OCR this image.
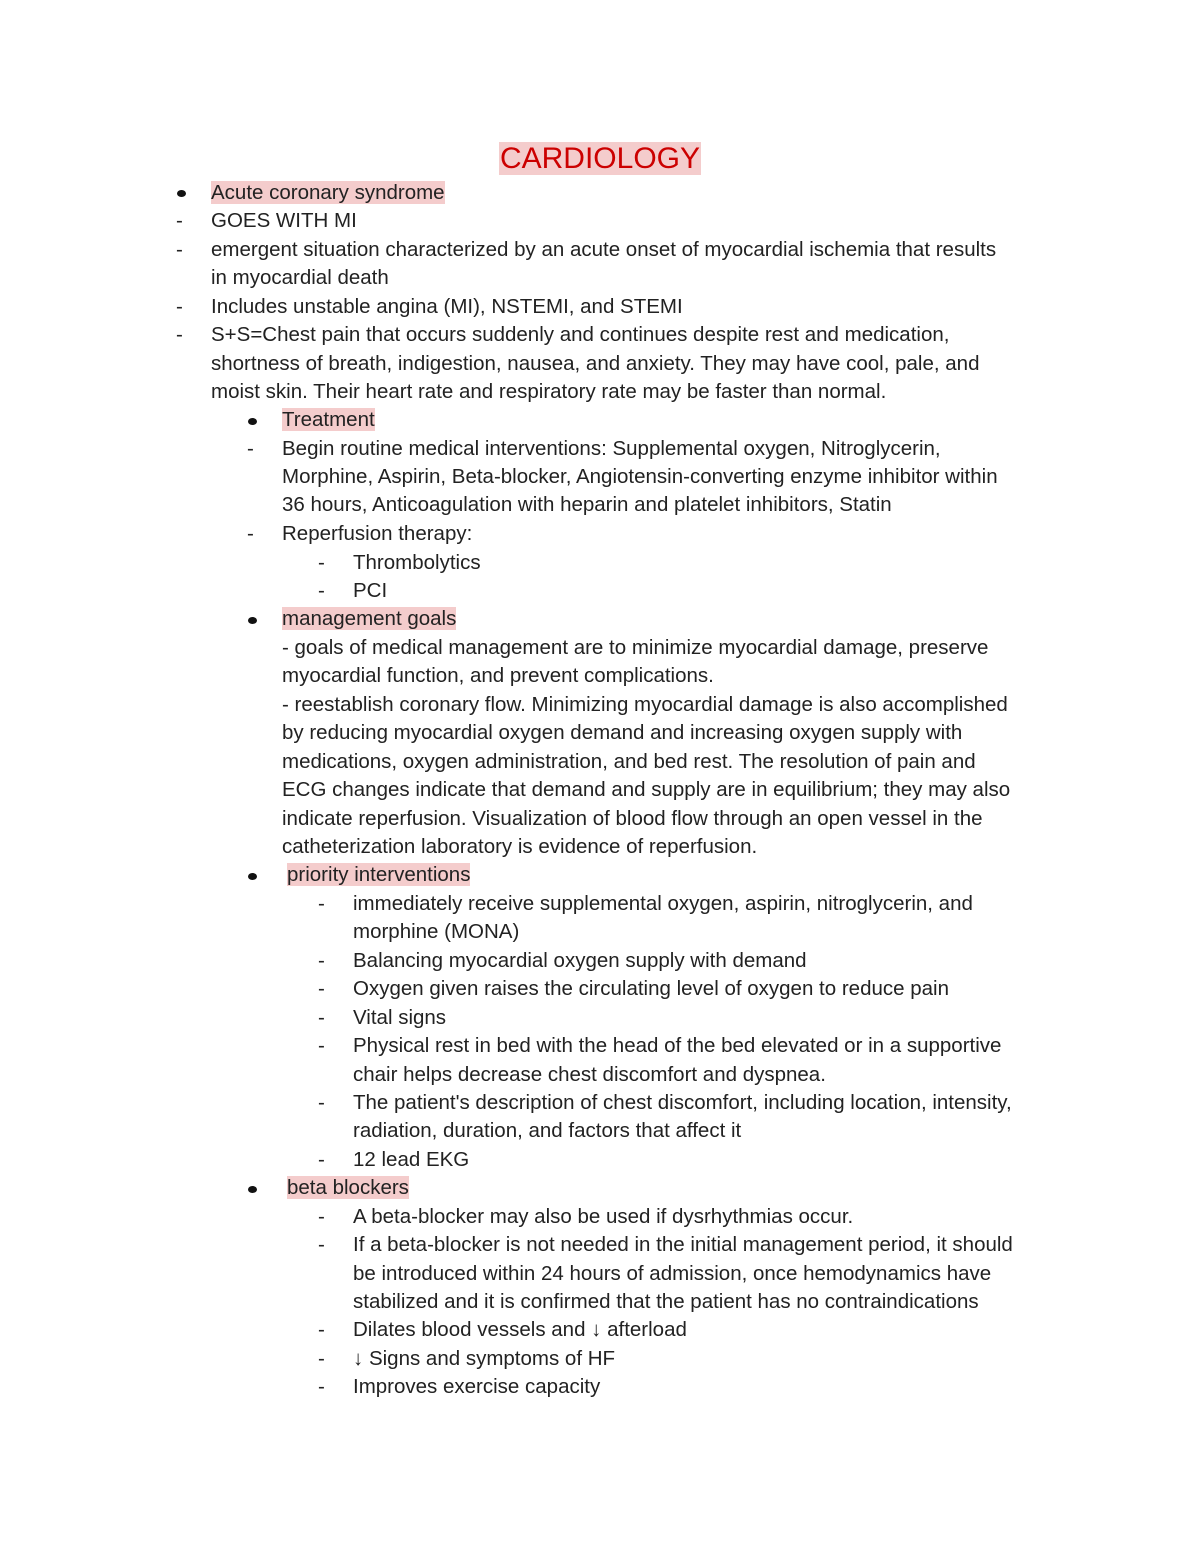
CARDIOLOGY
Acute coronary syndrome
- GOES WITH MI
- emergent situation characterized by an acute onset of myocardial ischemia that results
in myocardial death
- Includes unstable angina (MI), NSTEMI, and STEMI
- S+S=Chest pain that occurs suddenly and continues despite rest and medication,
shortness of breath, indigestion, nausea, and anxiety. They may have cool, pale, and
moist skin. Their heart rate and respiratory rate may be faster than normal.
Treatment
- Begin routine medical interventions: Supplemental oxygen, Nitroglycerin,
Morphine, Aspirin, Beta-blocker, Angiotensin-converting enzyme inhibitor within
36 hours, Anticoagulation with heparin and platelet inhibitors, Statin
- Reperfusion therapy:
- Thrombolytics
- PCI
management goals
- goals of medical management are to minimize myocardial damage, preserve
myocardial function, and prevent complications.
- reestablish coronary flow. Minimizing myocardial damage is also accomplished
by reducing myocardial oxygen demand and increasing oxygen supply with
medications, oxygen administration, and bed rest. The resolution of pain and
ECG changes indicate that demand and supply are in equilibrium; they may also
indicate reperfusion. Visualization of blood flow through an open vessel in the
catheterization laboratory is evidence of reperfusion.
priority interventions
- immediately receive supplemental oxygen, aspirin, nitroglycerin, and
morphine (MONA)
- Balancing myocardial oxygen supply with demand
- Oxygen given raises the circulating level of oxygen to reduce pain
- Vital signs
- Physical rest in bed with the head of the bed elevated or in a supportive
chair helps decrease chest discomfort and dyspnea.
- The patient's description of chest discomfort, including location, intensity,
radiation, duration, and factors that affect it
- 12 lead EKG
beta blockers
- A beta-blocker may also be used if dysrhythmias occur.
- If a beta-blocker is not needed in the initial management period, it should
be introduced within 24 hours of admission, once hemodynamics have
stabilized and it is confirmed that the patient has no contraindications
- Dilates blood vessels and ↓ afterload
- ↓ Signs and symptoms of HF
- Improves exercise capacity
